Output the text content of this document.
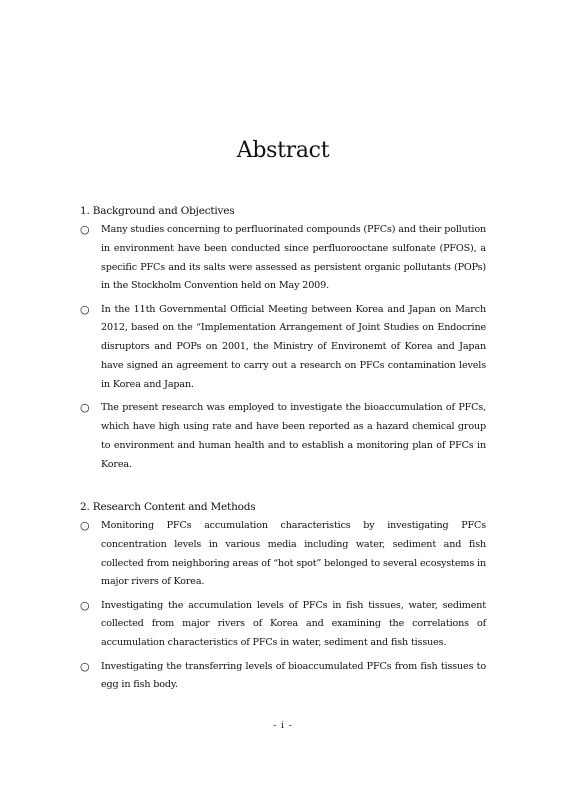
Abstract
1. Background and Objectives
○ Many studies concerning to perfluorinated compounds (PFCs) and their pollution in environment have been conducted since perfluorooctane sulfonate (PFOS), a specific PFCs and its salts were assessed as persistent organic pollutants (POPs) in the Stockholm Convention held on May 2009.
○ In the 11th Governmental Official Meeting between Korea and Japan on March 2012, based on the “Implementation Arrangement of Joint Studies on Endocrine disruptors and POPs on 2001, the Ministry of Environemt of Korea and Japan have signed an agreement to carry out a research on PFCs contamination levels in Korea and Japan.
○ The present research was employed to investigate the bioaccumulation of PFCs, which have high using rate and have been reported as a hazard chemical group to environment and human health and to establish a monitoring plan of PFCs in Korea.
2. Research Content and Methods
○ Monitoring PFCs accumulation characteristics by investigating PFCs concentration levels in various media including water, sediment and fish collected from neighboring areas of “hot spot” belonged to several ecosystems in major rivers of Korea.
○ Investigating the accumulation levels of PFCs in fish tissues, water, sediment collected from major rivers of Korea and examining the correlations of accumulation characteristics of PFCs in water, sediment and fish tissues.
○ Investigating the transferring levels of bioaccumulated PFCs from fish tissues to egg in fish body.
- i -
